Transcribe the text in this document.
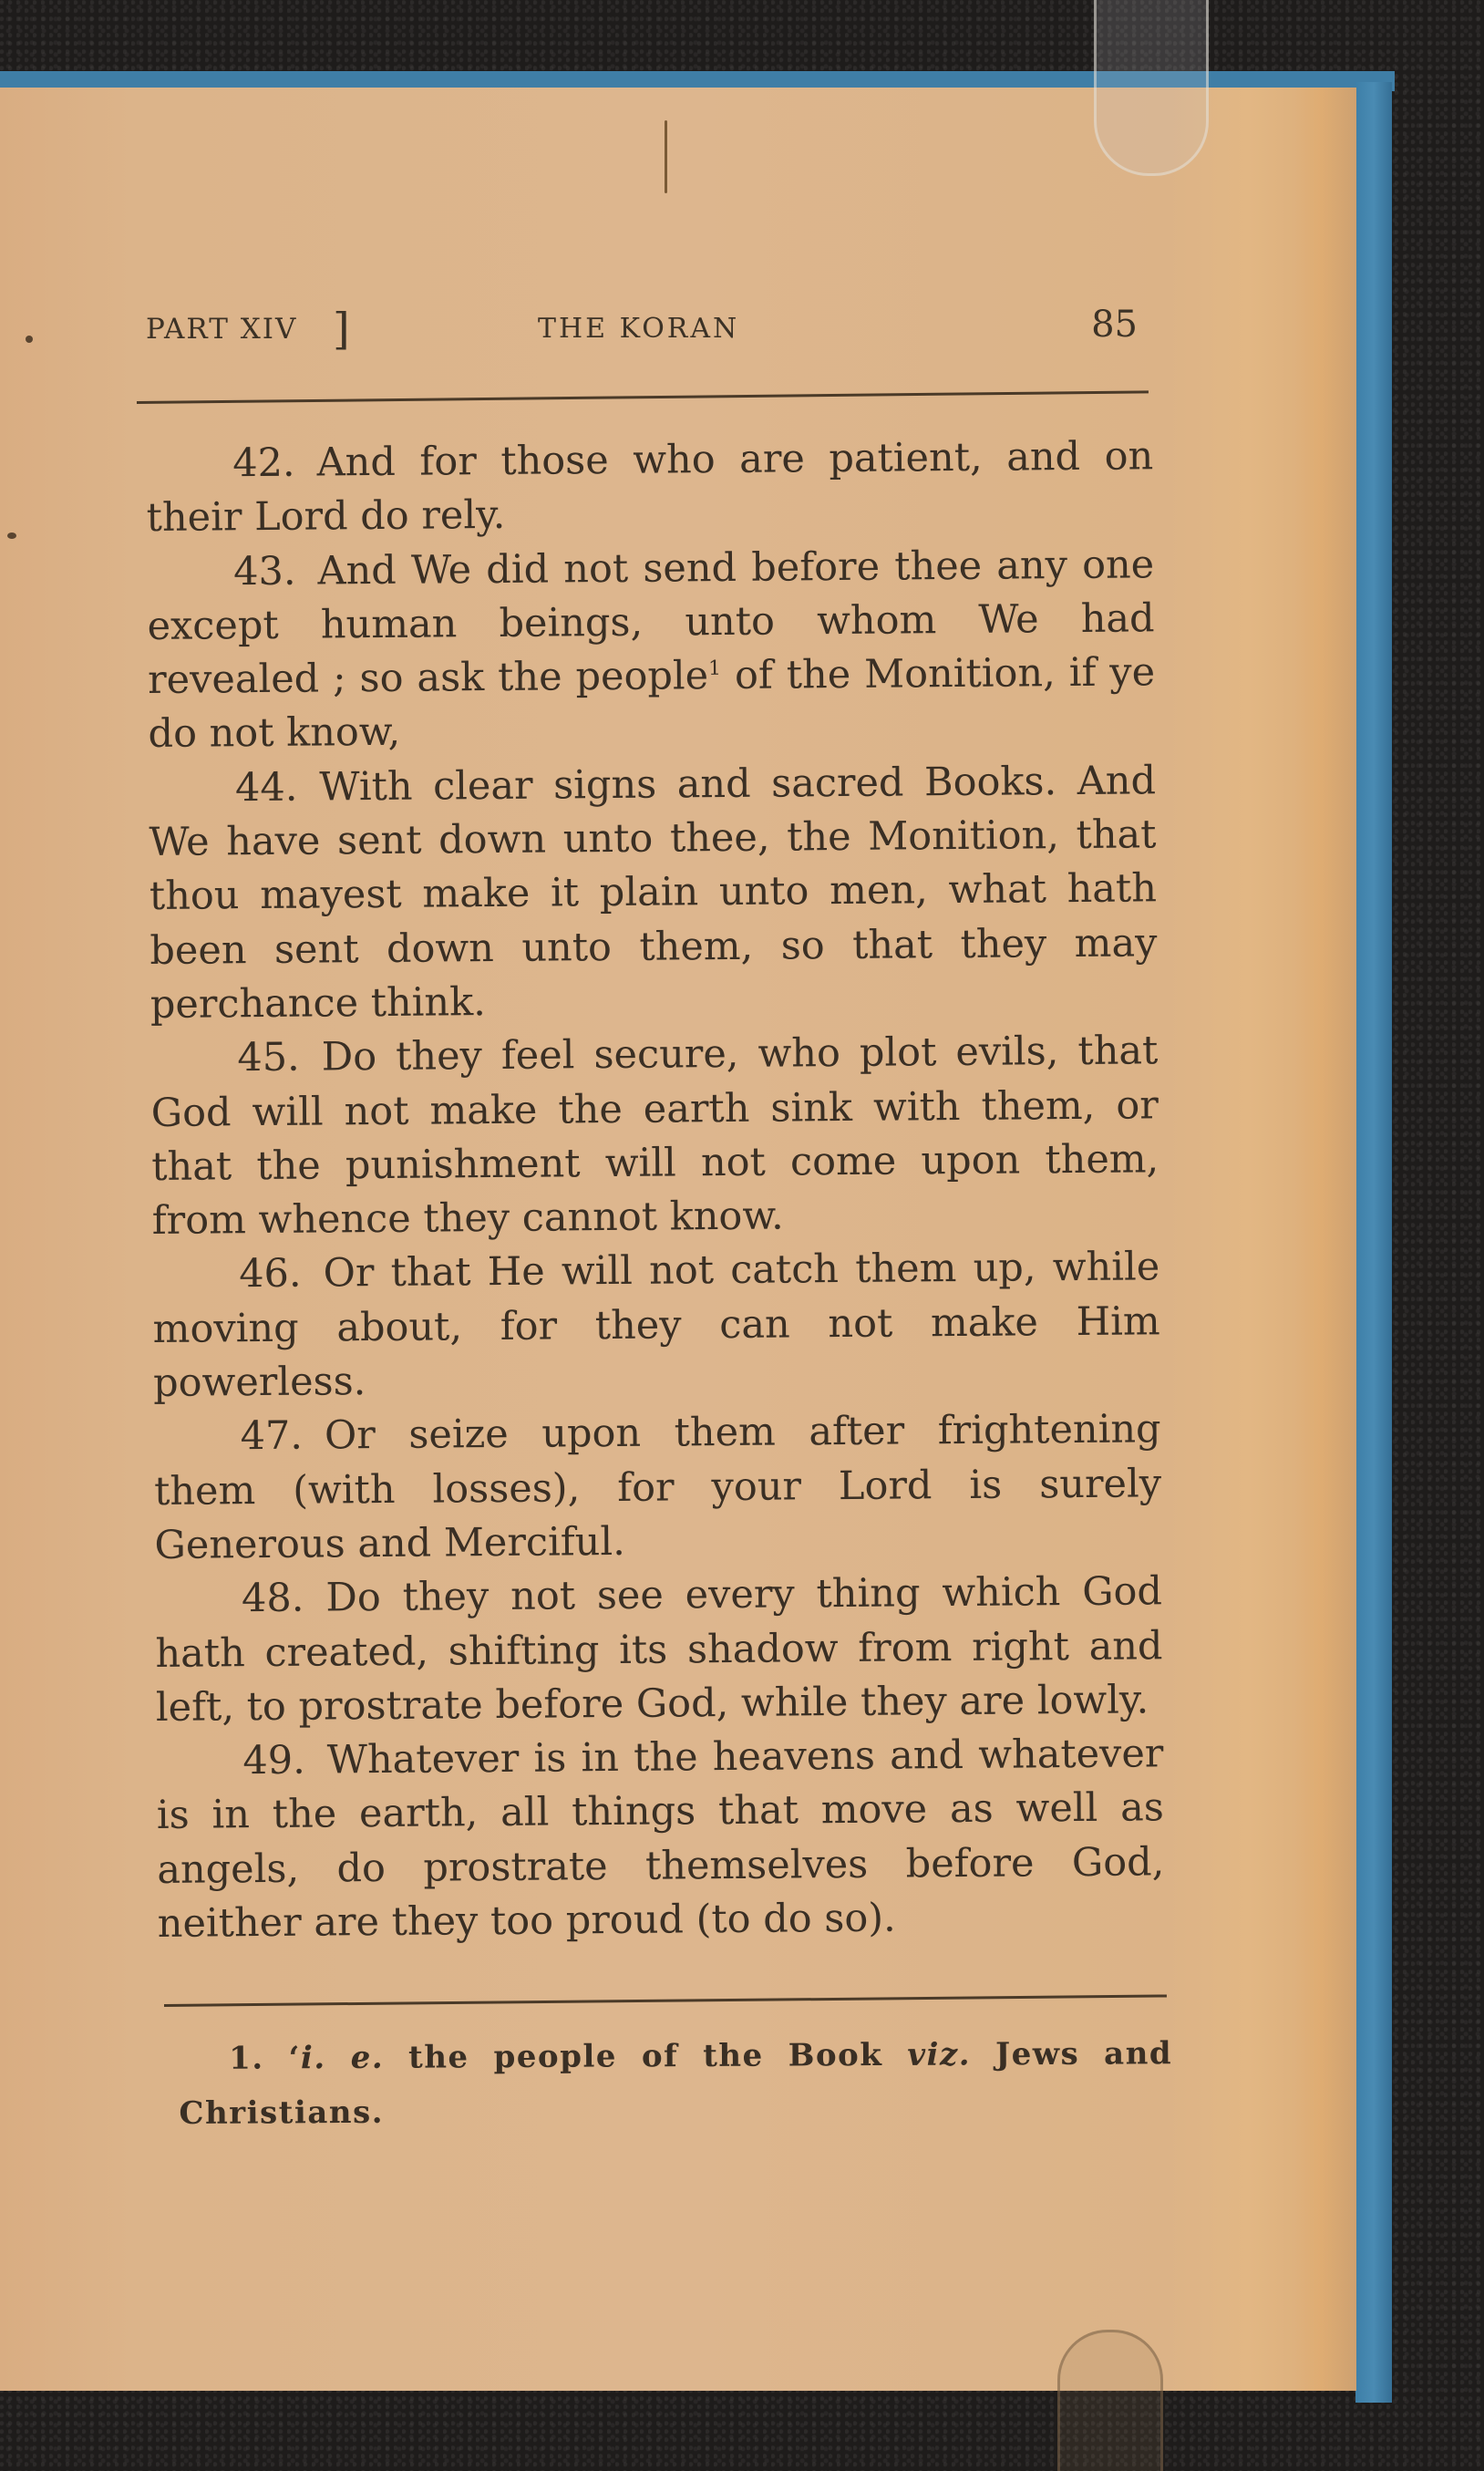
PART XIV ]	THE KORAN	85

42. And for those who are patient, and on their Lord do rely.

43. And We did not send before thee any one except human beings, unto whom We had revealed ; so ask the people$^1$ of the Monition, if ye do not know,

44. With clear signs and sacred Books. And We have sent down unto thee, the Monition, that thou mayest make it plain unto men, what hath been sent down unto them, so that they may perchance think.

45. Do they feel secure, who plot evils, that God will not make the earth sink with them, or that the punishment will not come upon them, from whence they cannot know.

46. Or that He will not catch them up, while moving about, for they can not make Him powerless.

47. Or seize upon them after frightening them (with losses), for your Lord is surely Generous and Merciful.

48. Do they not see every thing which God hath created, shifting its shadow from right and left, to prostrate before God, while they are lowly.

49. Whatever is in the heavens and whatever is in the earth, all things that move as well as angels, do prostrate themselves before God, neither are they too proud (to do so).

1. ‘i. e. the people of the Book viz. Jews and Christians.
